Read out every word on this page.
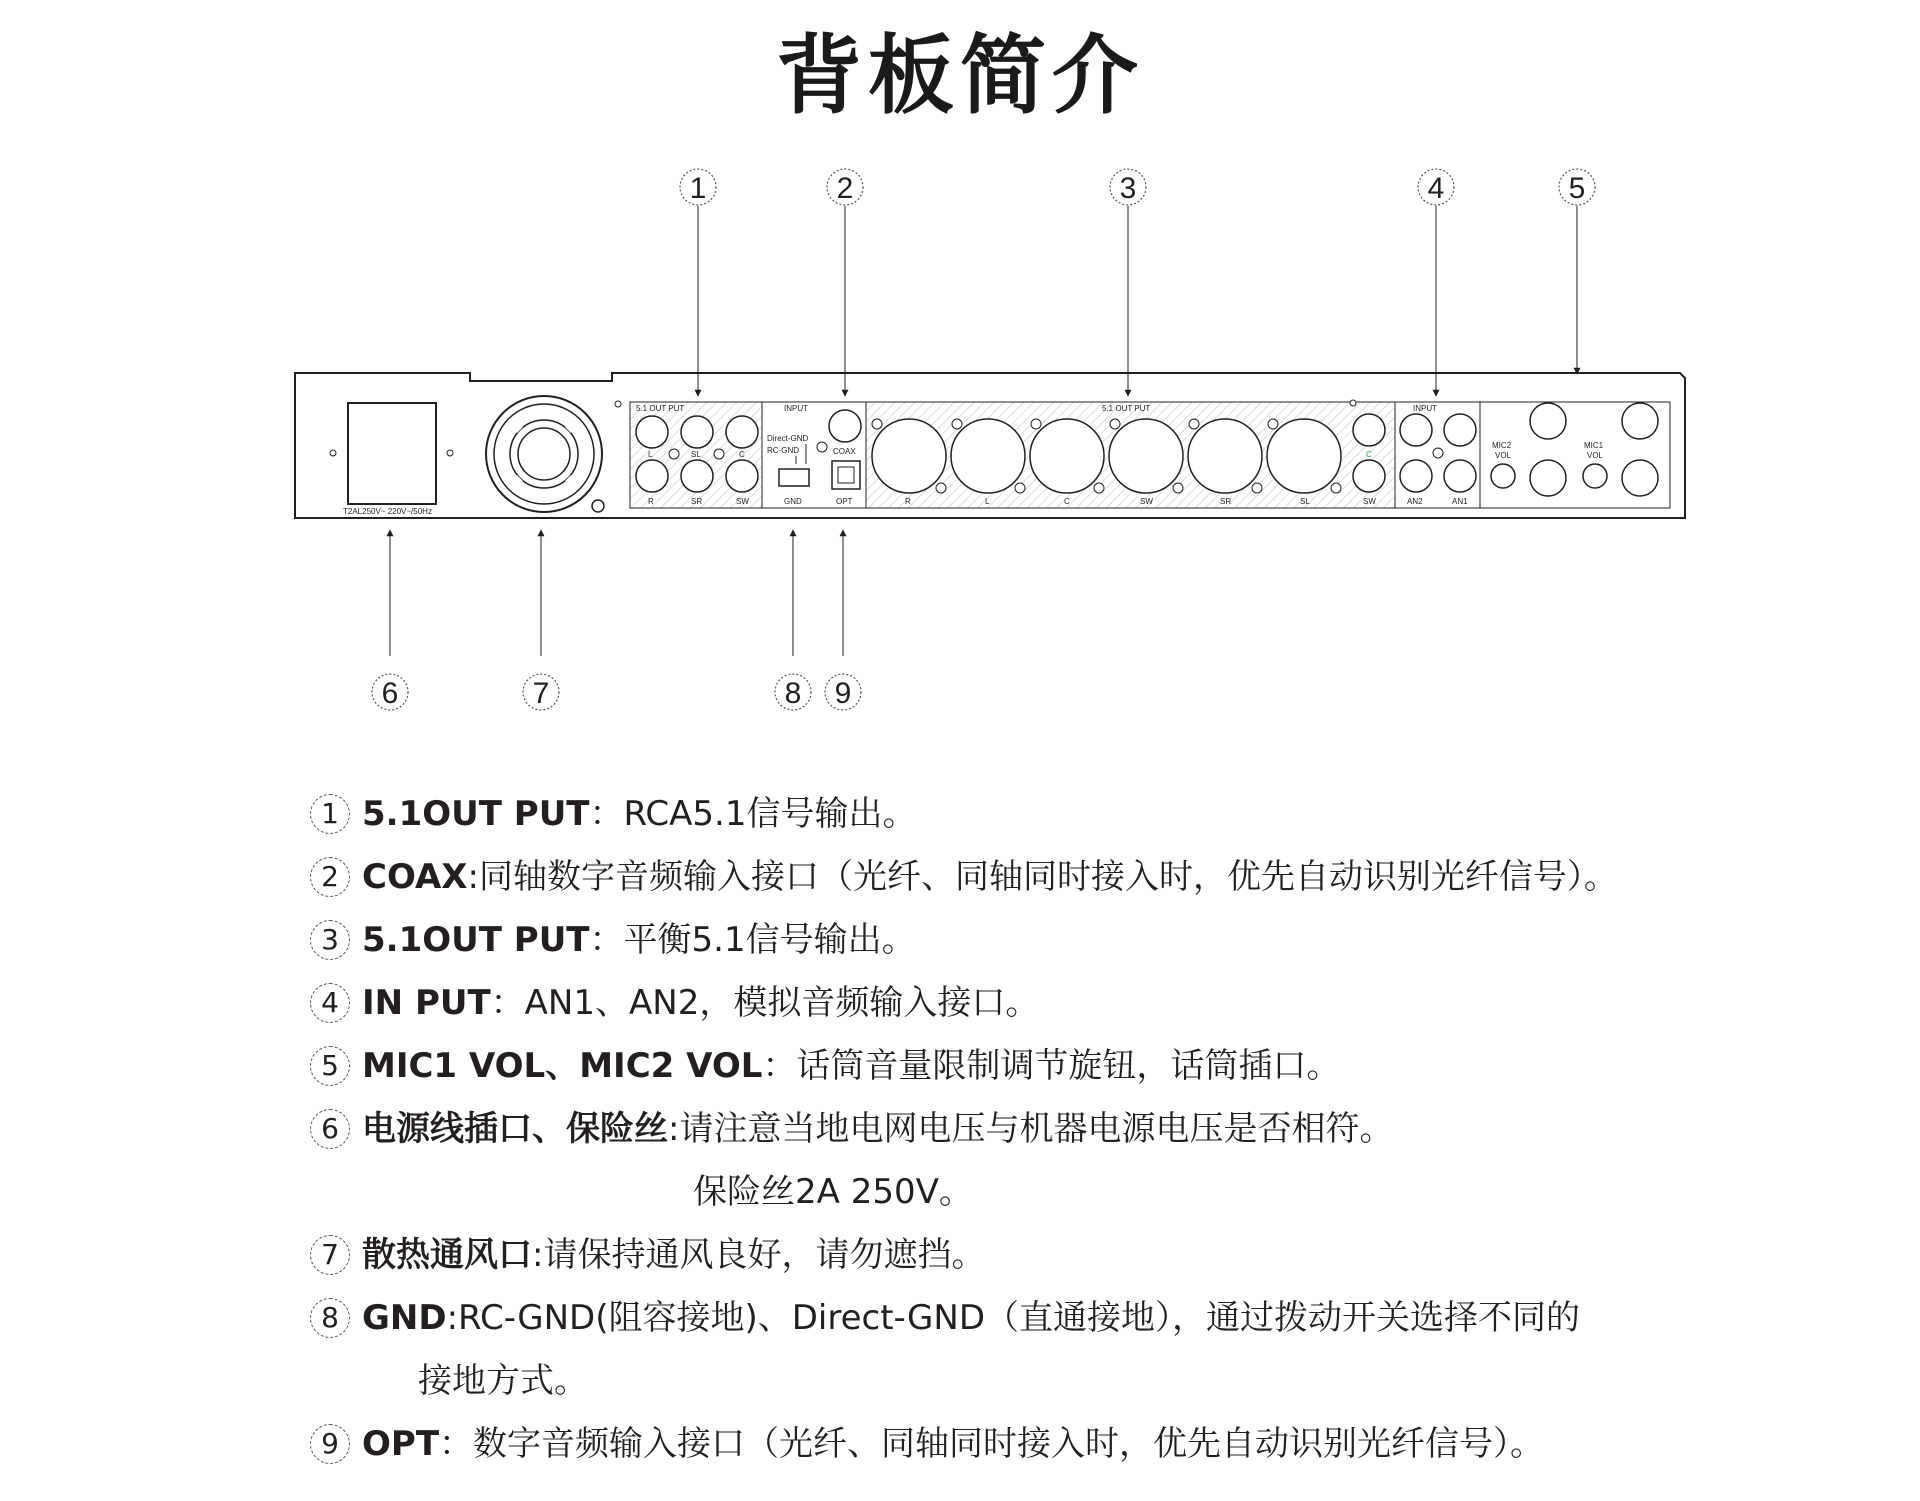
背板简介
T2AL250V~ 220V~/50Hz
5.1 OUT PUT
L	SL	C
R	SR	SW
INPUT
Direct-GND
RC-GND
GND
COAX
OPT
5.1 OUT PUT
R	L	C	SW	SR	SL
C
SW
INPUT
AN2	AN1
MIC2
VOL
MIC1
VOL
1	2	3	4	5
6	7	8 9
1 5.1OUT PUT：RCA5.1信号输出。
2 COAX:同轴数字音频输入接口（光纤、同轴同时接入时，优先自动识别光纤信号）。
3 5.1OUT PUT：平衡5.1信号输出。
4 IN PUT：AN1、AN2，模拟音频输入接口。
5 MIC1 VOL、MIC2 VOL：话筒音量限制调节旋钮，话筒插口。
6 电源线插口、保险丝:请注意当地电网电压与机器电源电压是否相符。
保险丝2A 250V。
7 散热通风口:请保持通风良好，请勿遮挡。
8 GND:RC-GND(阻容接地)、Direct-GND（直通接地），通过拨动开关选择不同的
接地方式。
9 OPT：数字音频输入接口（光纤、同轴同时接入时，优先自动识别光纤信号）。
